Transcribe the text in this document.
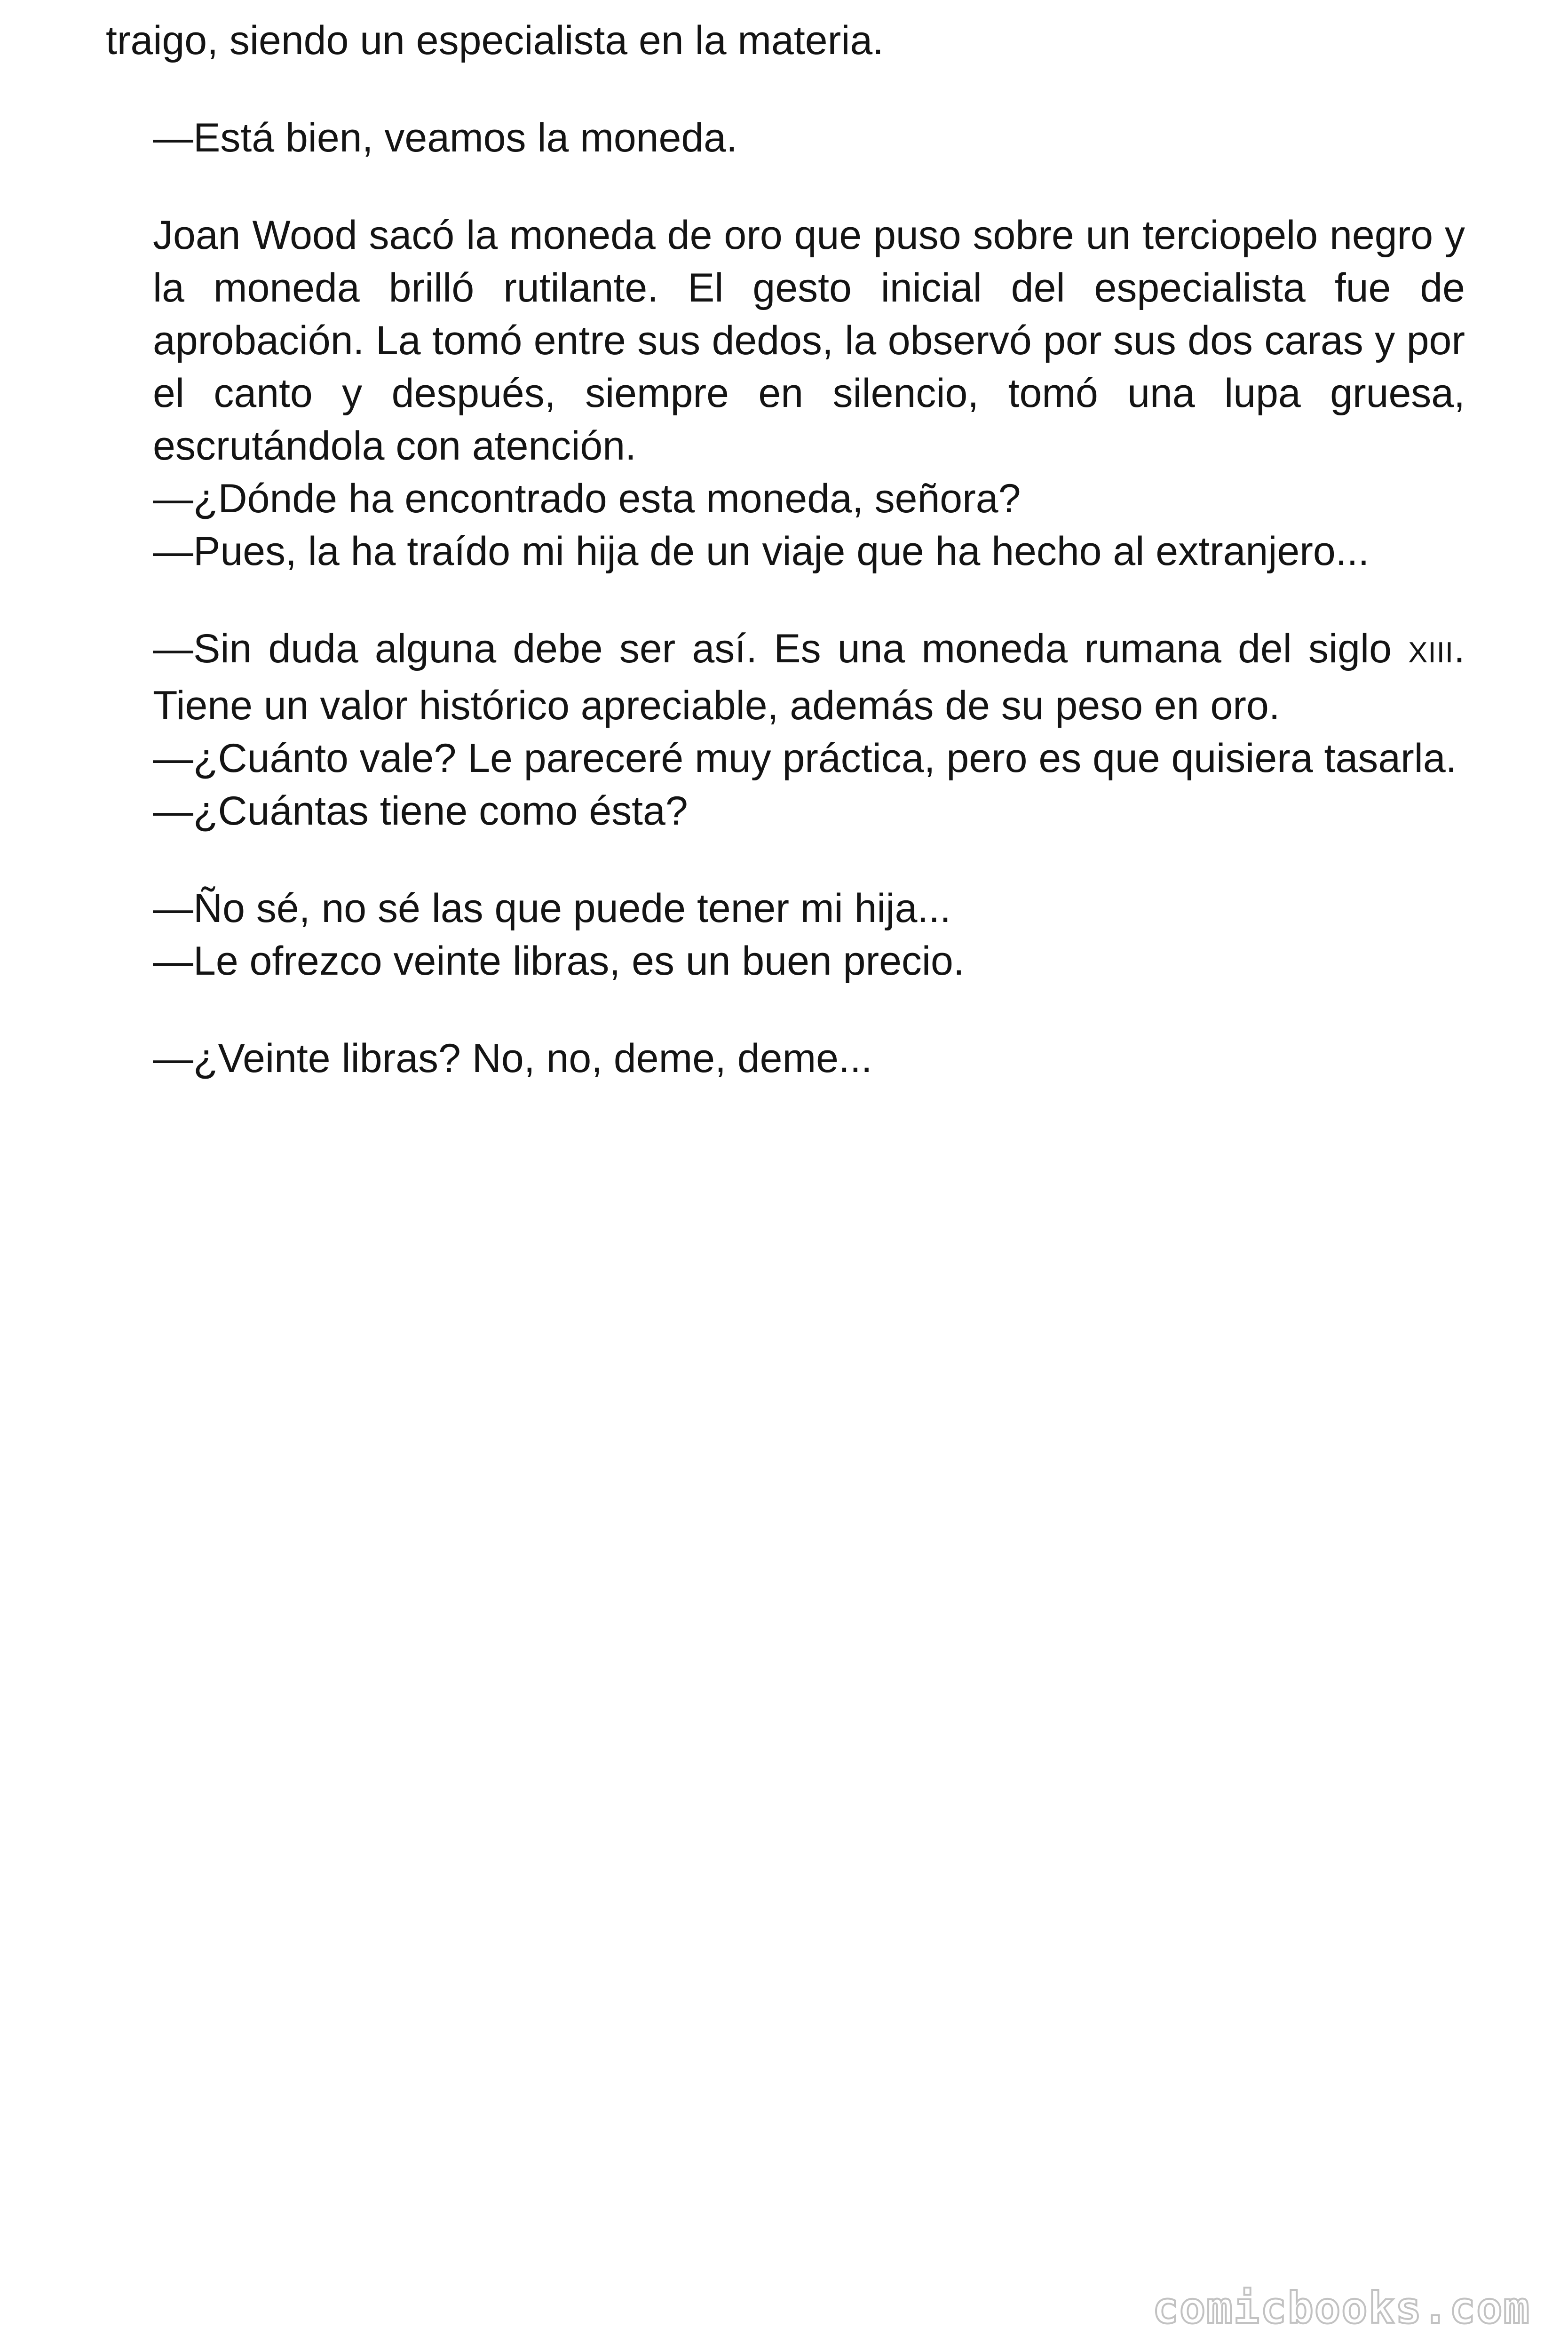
traigo, siendo un especialista en la materia.

—Está bien, veamos la moneda.

Joan Wood sacó la moneda de oro que puso sobre un terciopelo negro y la moneda brilló rutilante. El gesto inicial del especialista fue de aprobación. La tomó entre sus dedos, la observó por sus dos caras y por el canto y después, siempre en silencio, tomó una lupa gruesa, escrutándola con atención.

—¿Dónde ha encontrado esta moneda, señora?

—Pues, la ha traído mi hija de un viaje que ha hecho al extranjero...

—Sin duda alguna debe ser así. Es una moneda rumana del siglo XIII. Tiene un valor histórico apreciable, además de su peso en oro.

—¿Cuánto vale? Le pareceré muy práctica, pero es que quisiera tasarla.

—¿Cuántas tiene como ésta?

—Ño sé, no sé las que puede tener mi hija...

—Le ofrezco veinte libras, es un buen precio.

—¿Veinte libras? No, no, deme, deme...

comicbooks.com
